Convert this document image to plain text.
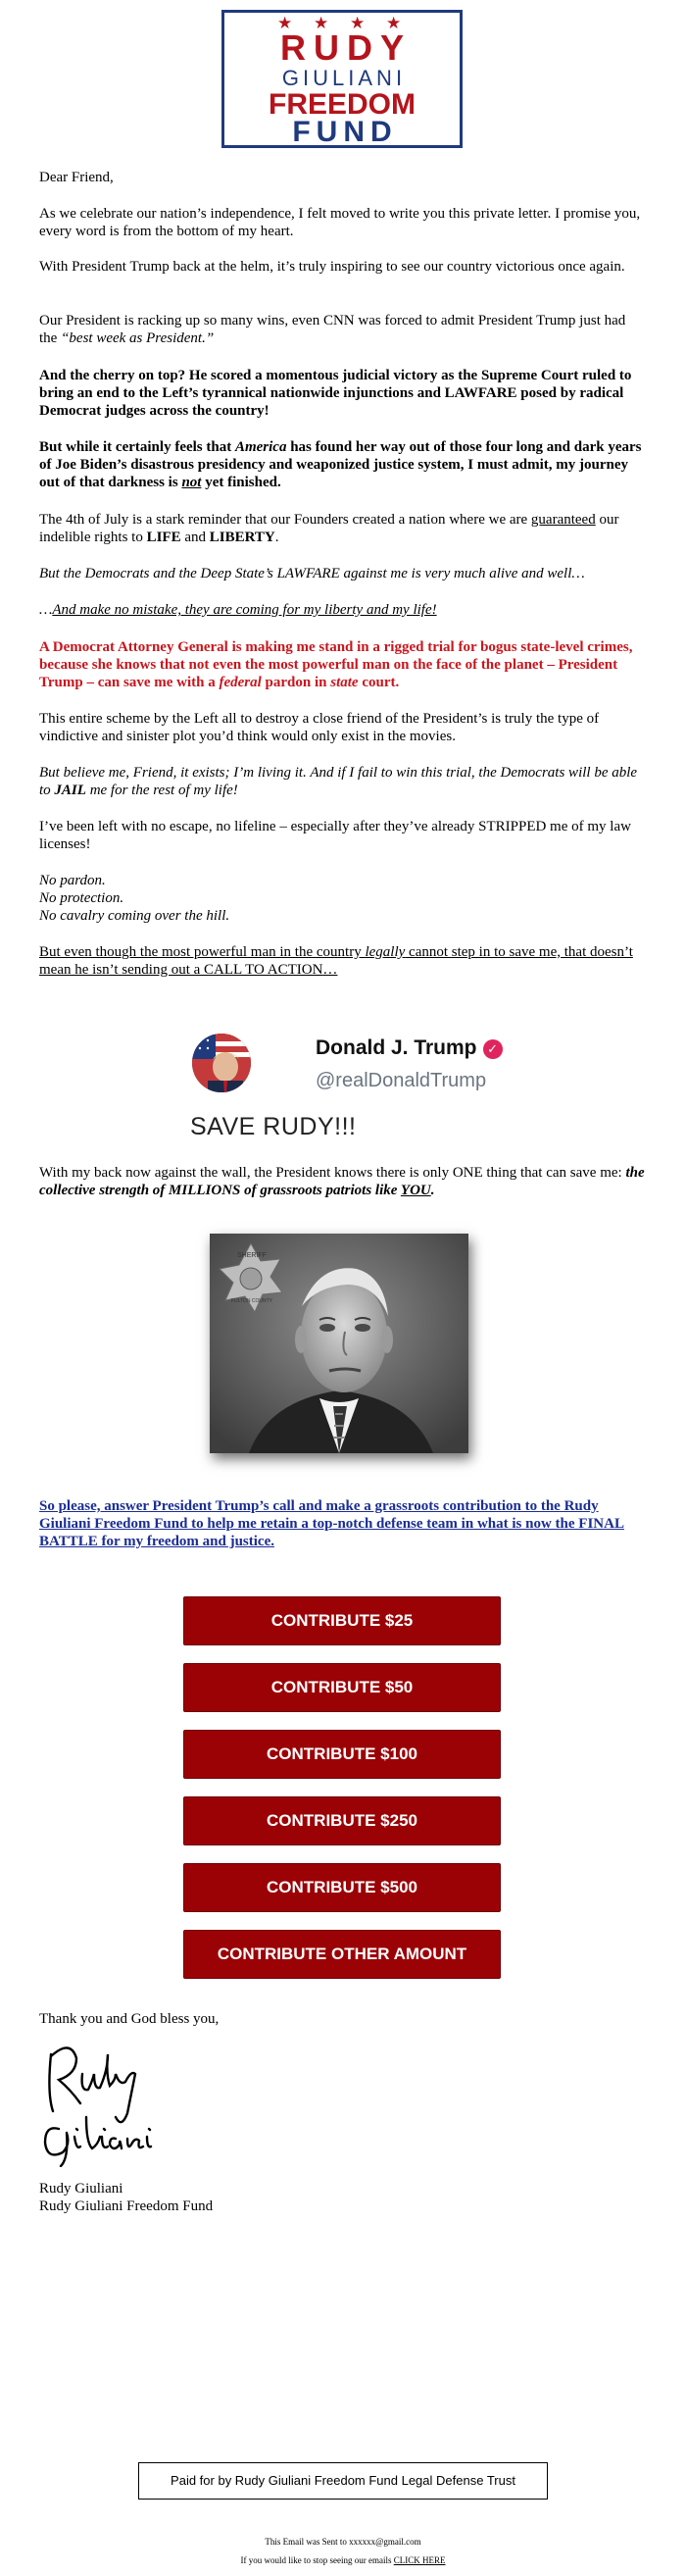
★ ★ ★ ★
RUDY
GIULIANI
FREEDOM
FUND

Dear Friend,

As we celebrate our nation’s independence, I felt moved to write you this private letter. I promise you, every word is from the bottom of my heart.

With President Trump back at the helm, it’s truly inspiring to see our country victorious once again.

Our President is racking up so many wins, even CNN was forced to admit President Trump just had the “best week as President.”

And the cherry on top? He scored a momentous judicial victory as the Supreme Court ruled to bring an end to the Left’s tyrannical nationwide injunctions and LAWFARE posed by radical Democrat judges across the country!

But while it certainly feels that America has found her way out of those four long and dark years of Joe Biden’s disastrous presidency and weaponized justice system, I must admit, my journey out of that darkness is not yet finished.

The 4th of July is a stark reminder that our Founders created a nation where we are guaranteed our indelible rights to LIFE and LIBERTY.

But the Democrats and the Deep State’s LAWFARE against me is very much alive and well…

…And make no mistake, they are coming for my liberty and my life!

A Democrat Attorney General is making me stand in a rigged trial for bogus state-level crimes, because she knows that not even the most powerful man on the face of the planet – President Trump – can save me with a federal pardon in state court.

This entire scheme by the Left all to destroy a close friend of the President’s is truly the type of vindictive and sinister plot you’d think would only exist in the movies.

But believe me, Friend, it exists; I’m living it. And if I fail to win this trial, the Democrats will be able to JAIL me for the rest of my life!

I’ve been left with no escape, no lifeline – especially after they’ve already STRIPPED me of my law licenses!

No pardon.
No protection.
No cavalry coming over the hill.

But even though the most powerful man in the country legally cannot step in to save me, that doesn’t mean he isn’t sending out a CALL TO ACTION…

Donald J. Trump ✓
@realDonaldTrump
SAVE RUDY!!!

With my back now against the wall, the President knows there is only ONE thing that can save me: the collective strength of MILLIONS of grassroots patriots like YOU.

SHERIFF
FULTON COUNTY

So please, answer President Trump’s call and make a grassroots contribution to the Rudy Giuliani Freedom Fund to help me retain a top-notch defense team in what is now the FINAL BATTLE for my freedom and justice.

CONTRIBUTE $25
CONTRIBUTE $50
CONTRIBUTE $100
CONTRIBUTE $250
CONTRIBUTE $500
CONTRIBUTE OTHER AMOUNT

Thank you and God bless you,

Rudy Giuliani

Rudy Giuliani Freedom Fund

Paid for by Rudy Giuliani Freedom Fund Legal Defense Trust
This Email was Sent to xxxxxx@gmail.com
If you would like to stop seeing our emails CLICK HERE
